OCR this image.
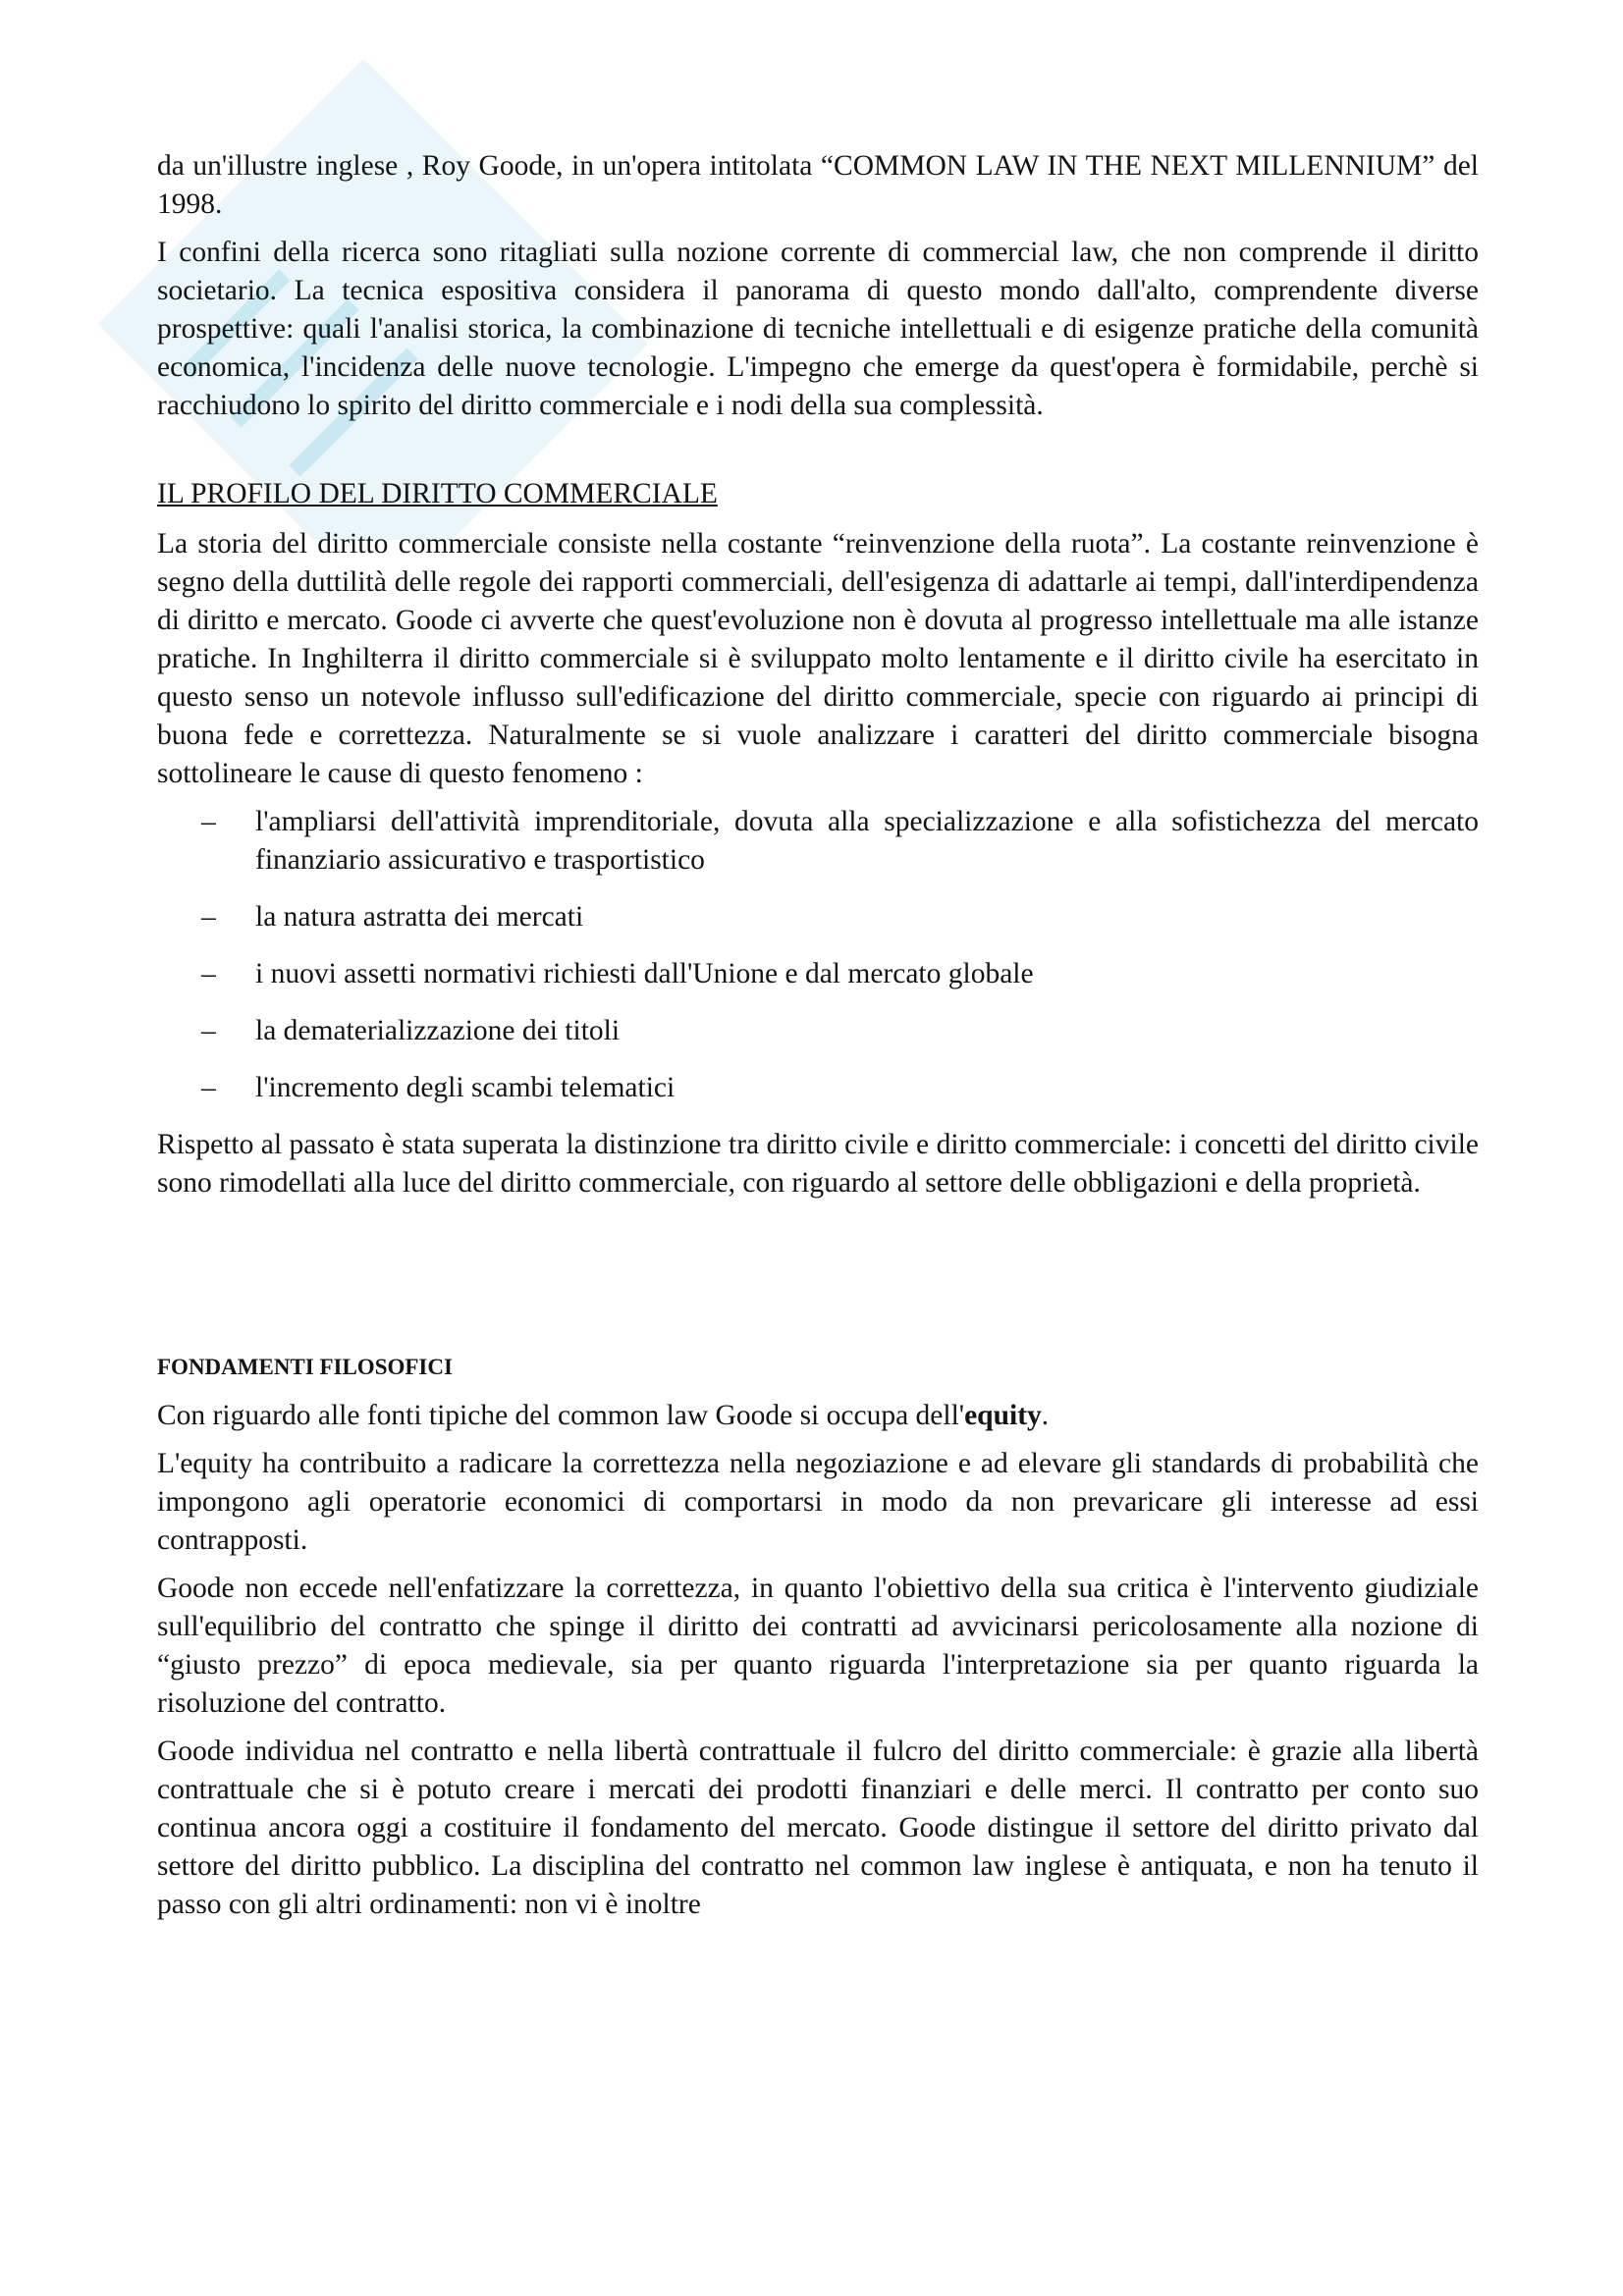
da un'illustre inglese , Roy Goode, in un'opera intitolata “COMMON LAW IN THE NEXT MILLENNIUM” del 1998.

I confini della ricerca sono ritagliati sulla nozione corrente di commercial law, che non comprende il diritto societario. La tecnica espositiva considera il panorama di questo mondo dall'alto, comprendente diverse prospettive: quali l'analisi storica, la combinazione di tecniche intellettuali e di esigenze pratiche della comunità economica, l'incidenza delle nuove tecnologie. L'impegno che emerge da quest'opera è formidabile, perchè si racchiudono lo spirito del diritto commerciale e i nodi della sua complessità.

IL PROFILO DEL DIRITTO COMMERCIALE

La storia del diritto commerciale consiste nella costante “reinvenzione della ruota”. La costante reinvenzione è segno della duttilità delle regole dei rapporti commerciali, dell'esigenza di adattarle ai tempi, dall'interdipendenza di diritto e mercato. Goode ci avverte che quest'evoluzione non è dovuta al progresso intellettuale ma alle istanze pratiche. In Inghilterra il diritto commerciale si è sviluppato molto lentamente e il diritto civile ha esercitato in questo senso un notevole influsso sull'edificazione del diritto commerciale, specie con riguardo ai principi di buona fede e correttezza. Naturalmente se si vuole analizzare i caratteri del diritto commerciale bisogna sottolineare le cause di questo fenomeno :

– l'ampliarsi dell'attività imprenditoriale, dovuta alla specializzazione e alla sofistichezza del mercato finanziario assicurativo e trasportistico
– la natura astratta dei mercati
– i nuovi assetti normativi richiesti dall'Unione e dal mercato globale
– la dematerializzazione dei titoli
– l'incremento degli scambi telematici

Rispetto al passato è stata superata la distinzione tra diritto civile e diritto commerciale: i concetti del diritto civile sono rimodellati alla luce del diritto commerciale, con riguardo al settore delle obbligazioni e della proprietà.

FONDAMENTI FILOSOFICI

Con riguardo alle fonti tipiche del common law Goode si occupa dell'equity.

L'equity ha contribuito a radicare la correttezza nella negoziazione e ad elevare gli standards di probabilità che impongono agli operatorie economici di comportarsi in modo da non prevaricare gli interesse ad essi contrapposti.

Goode non eccede nell'enfatizzare la correttezza, in quanto l'obiettivo della sua critica è l'intervento giudiziale sull'equilibrio del contratto che spinge il diritto dei contratti ad avvicinarsi pericolosamente alla nozione di “giusto prezzo” di epoca medievale, sia per quanto riguarda l'interpretazione sia per quanto riguarda la risoluzione del contratto.

Goode individua nel contratto e nella libertà contrattuale il fulcro del diritto commerciale: è grazie alla libertà contrattuale che si è potuto creare i mercati dei prodotti finanziari e delle merci. Il contratto per conto suo continua ancora oggi a costituire il fondamento del mercato. Goode distingue il settore del diritto privato dal settore del diritto pubblico. La disciplina del contratto nel common law inglese è antiquata, e non ha tenuto il passo con gli altri ordinamenti: non vi è inoltre
